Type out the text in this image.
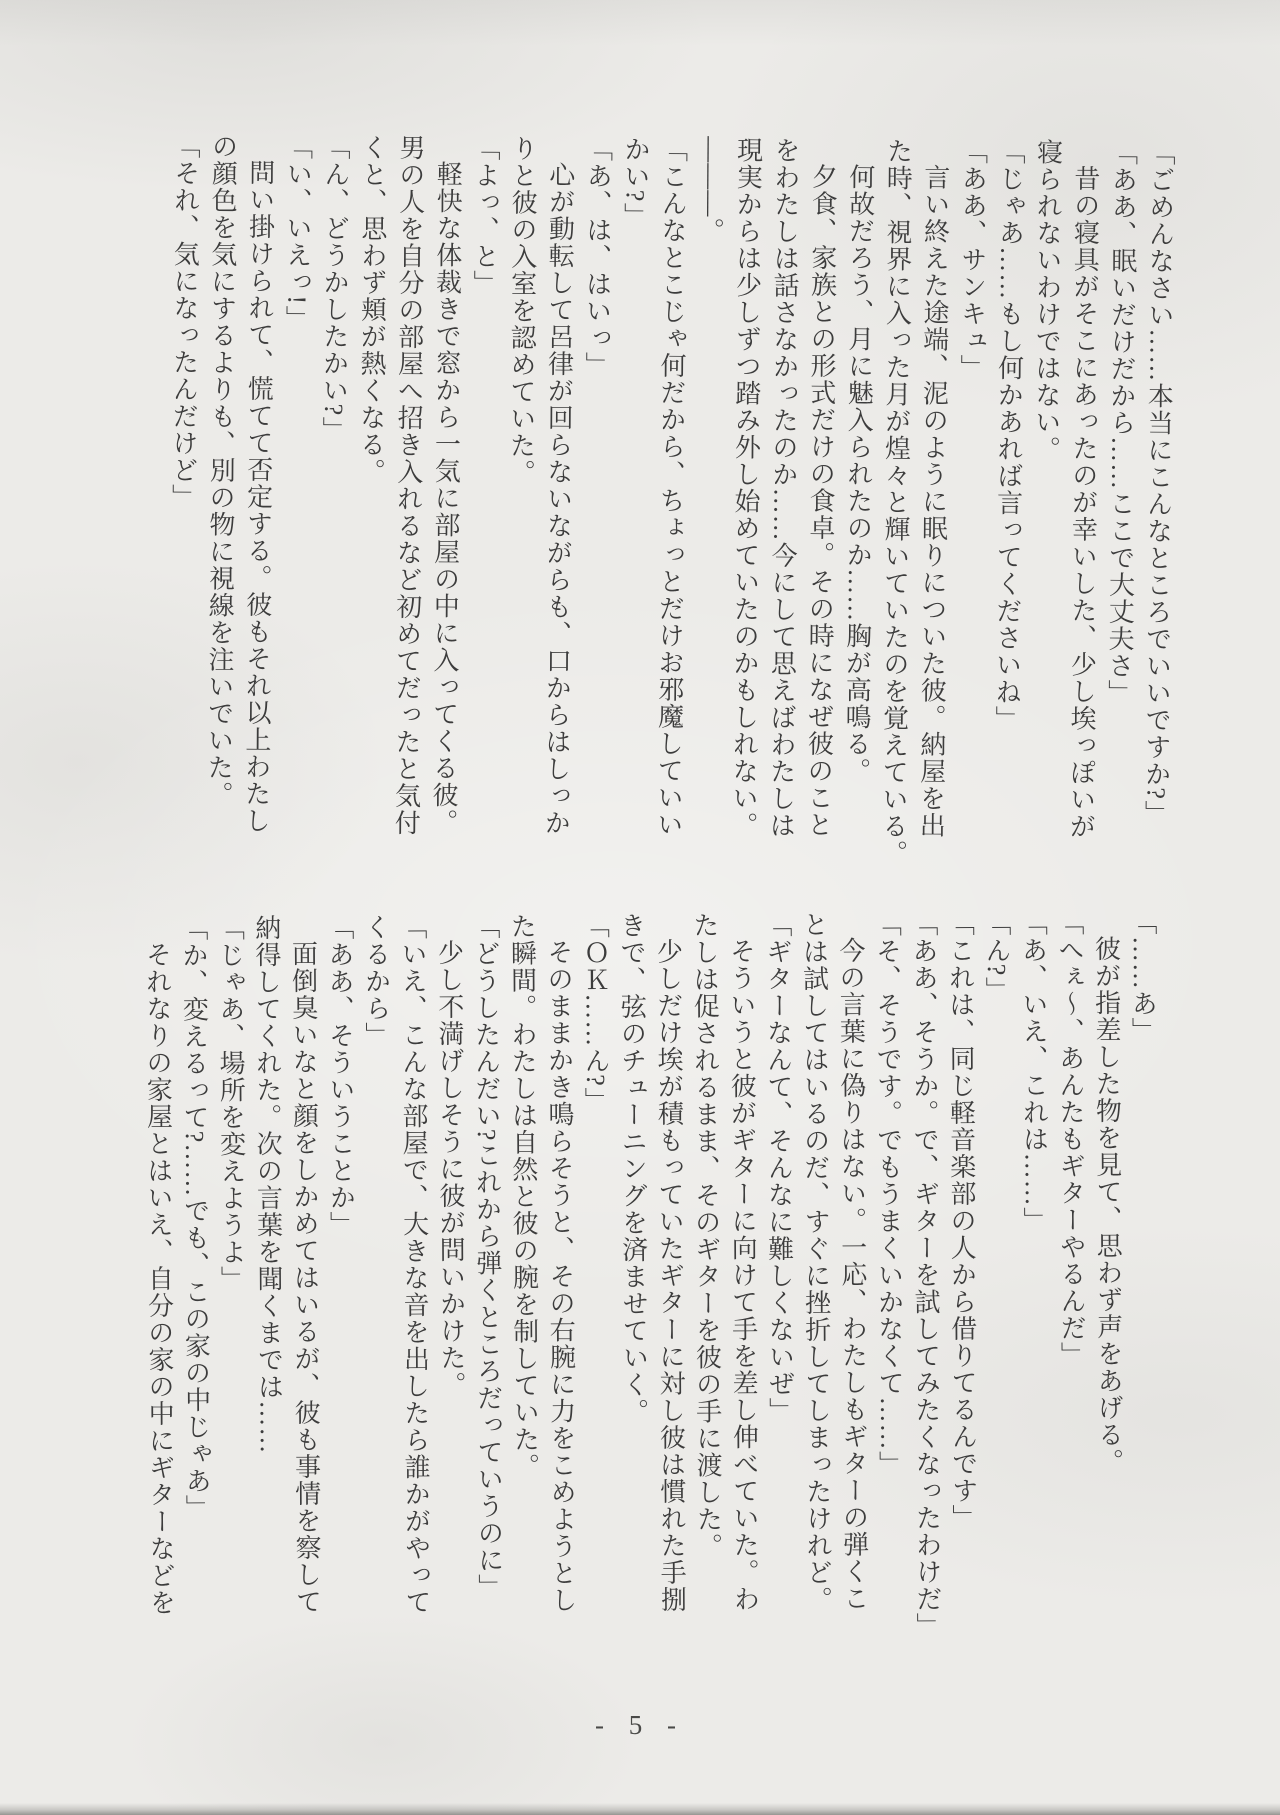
「ごめんなさい……本当にこんなところでいいですか?」

「ああ、眠いだけだから……ここで大丈夫さ」

昔の寝具がそこにあったのが幸いした、少し埃っぽいが

寝られないわけではない。

「じゃあ……もし何かあれば言ってくださいね」

「ああ、サンキュ」

言い終えた途端、泥のように眠りについた彼。納屋を出

た時、視界に入った月が煌々と輝いていたのを覚えている。

何故だろう、月に魅入られたのか……胸が高鳴る。

夕食、家族との形式だけの食卓。その時になぜ彼のこと

をわたしは話さなかったのか……今にして思えばわたしは

現実からは少しずつ踏み外し始めていたのかもしれない。

―――。

「こんなとこじゃ何だから、ちょっとだけお邪魔していい

かい?」

「あ、は、はいっ」

心が動転して呂律が回らないながらも、口からはしっか

りと彼の入室を認めていた。

「よっ、と」

軽快な体裁きで窓から一気に部屋の中に入ってくる彼。

男の人を自分の部屋へ招き入れるなど初めてだったと気付

くと、思わず頬が熱くなる。

「ん、どうかしたかい?」

「い、いえっ!」

問い掛けられて、慌てて否定する。彼もそれ以上わたし

の顔色を気にするよりも、別の物に視線を注いでいた。

「それ、気になったんだけど」

「……あ」

彼が指差した物を見て、思わず声をあげる。

「へぇ〜、あんたもギターやるんだ」

「あ、いえ、これは……」

「ん?」

「これは、同じ軽音楽部の人から借りてるんです」

「ああ、そうか。で、ギターを試してみたくなったわけだ」

「そ、そうです。でもうまくいかなくて……」

今の言葉に偽りはない。一応、わたしもギターの弾くこ

とは試してはいるのだ、すぐに挫折してしまったけれど。

「ギターなんて、そんなに難しくないぜ」

そういうと彼がギターに向けて手を差し伸べていた。わ

たしは促されるまま、そのギターを彼の手に渡した。

少しだけ埃が積もっていたギターに対し彼は慣れた手捌

きで、弦のチューニングを済ませていく。

「ＯＫ……ん?」

そのままかき鳴らそうと、その右腕に力をこめようとし

た瞬間。わたしは自然と彼の腕を制していた。

「どうしたんだい?これから弾くところだっていうのに」

少し不満げしそうに彼が問いかけた。

「いえ、こんな部屋で、大きな音を出したら誰かがやって

くるから」

「ああ、そういうことか」

面倒臭いなと顔をしかめてはいるが、彼も事情を察して

納得してくれた。次の言葉を聞くまでは……

「じゃあ、場所を変えようよ」

「か、変えるって?……でも、この家の中じゃあ」

それなりの家屋とはいえ、自分の家の中にギターなどを

- 5 -
